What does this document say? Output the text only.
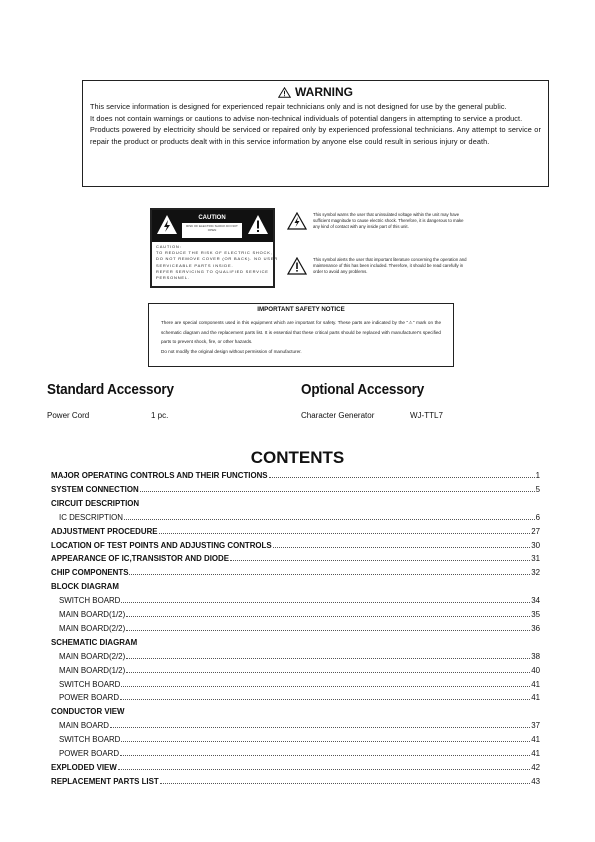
WARNING

This service information is designed for experienced repair technicians only and is not designed for use by the general public.

It does not contain warnings or cautions to advise non-technical individuals of potential dangers in attempting to service a product.

Products powered by electricity should be serviced or repaired only by experienced professional technicians. Any attempt to service or repair the product or products dealt with in this service information by anyone else could result in serious injury or death.

CAUTION
RISK OF ELECTRIC SHOCK DO NOT OPEN
CAUTION:
TO REDUCE THE RISK OF ELECTRIC SHOCK,
DO NOT REMOVE COVER (OR BACK). NO USER
SERVICEABLE PARTS INSIDE.
REFER SERVICING TO QUALIFIED SERVICE
PERSONNEL.
This symbol warns the user that uninsulated voltage within the unit may have sufficient magnitude to cause electric shock. Therefore, it is dangerous to make any kind of contact with any inside part of this unit.
This symbol alerts the user that important literature concerning the operation and maintenance of this has been included. Therefore, it should be read carefully in order to avoid any problems.
IMPORTANT SAFETY NOTICE

There are special components used in this equipment which are important for safety. These parts are indicated by the "⚠" mark on the schematic diagram and the replacement parts list. It is essential that these critical parts should be replaced with manufacturer's specified parts to prevent shock, fire, or other hazards.

Do not modify the original design without permission of manufacturer.

Standard Accessory
Power Cord	1 pc.
Optional Accessory
Character Generator	WJ-TTL7
CONTENTS
MAJOR OPERATING CONTROLS AND THEIR FUNCTIONS	1
SYSTEM CONNECTION	5
CIRCUIT DESCRIPTION
IC DESCRIPTION	6
ADJUSTMENT PROCEDURE	27
LOCATION OF TEST POINTS AND ADJUSTING CONTROLS	30
APPEARANCE OF IC,TRANSISTOR AND DIODE	31
CHIP COMPONENTS	32
BLOCK DIAGRAM
SWITCH BOARD	34
MAIN BOARD(1/2)	35
MAIN BOARD(2/2)	36
SCHEMATIC DIAGRAM
MAIN BOARD(2/2)	38
MAIN BOARD(1/2)	40
SWITCH BOARD	41
POWER BOARD	41
CONDUCTOR VIEW
MAIN BOARD	37
SWITCH BOARD	41
POWER BOARD	41
EXPLODED VIEW	42
REPLACEMENT PARTS LIST	43
